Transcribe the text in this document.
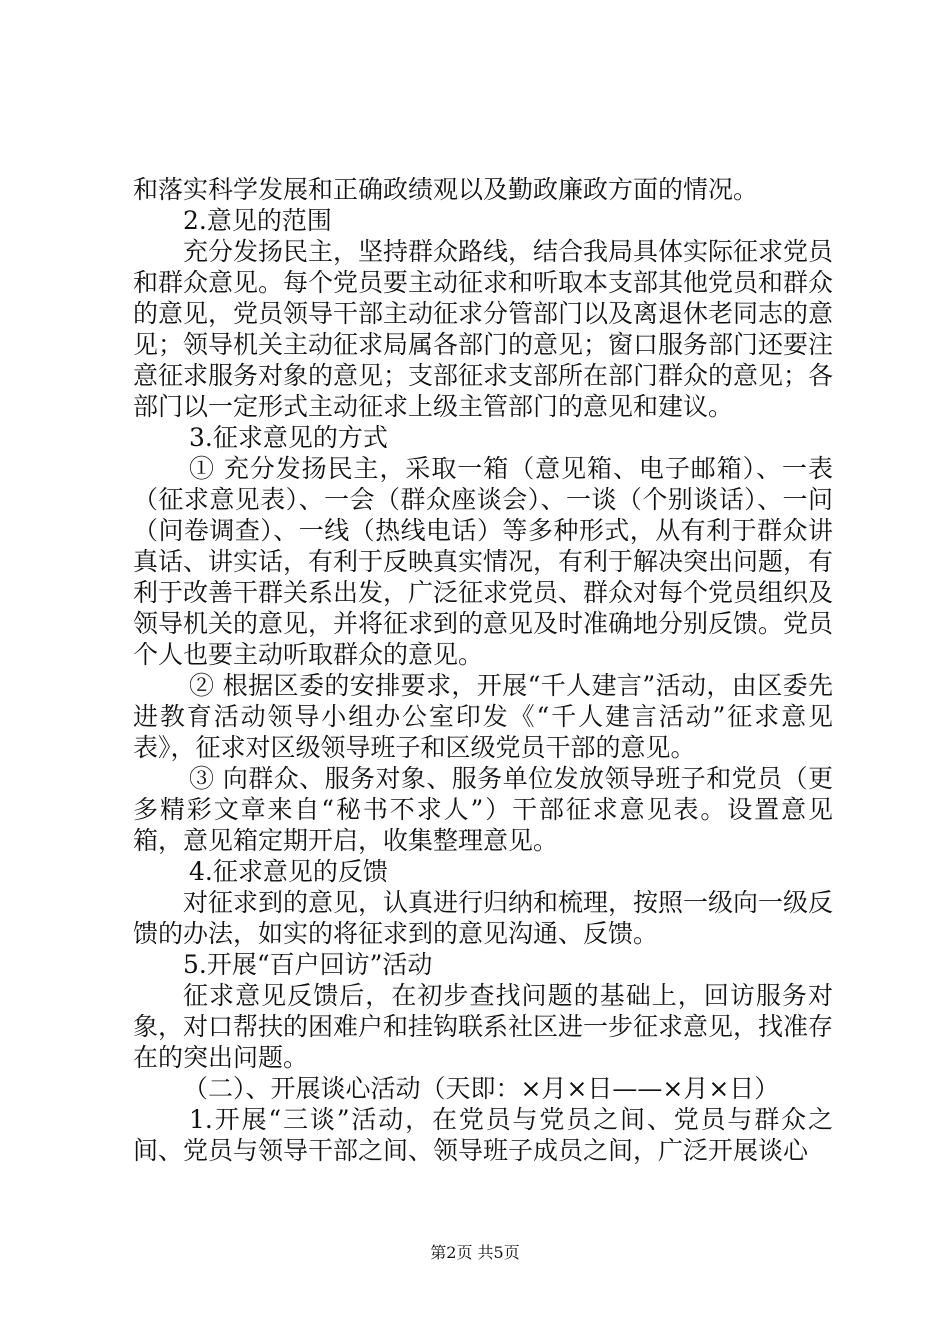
和落实科学发展和正确政绩观以及勤政廉政方面的情况。

2.意见的范围

充分发扬民主，坚持群众路线，结合我局具体实际征求党员和群众意见。每个党员要主动征求和听取本支部其他党员和群众的意见，党员领导干部主动征求分管部门以及离退休老同志的意见；领导机关主动征求局属各部门的意见；窗口服务部门还要注意征求服务对象的意见；支部征求支部所在部门群众的意见；各部门以一定形式主动征求上级主管部门的意见和建议。

3.征求意见的方式

① 充分发扬民主，采取一箱（意见箱、电子邮箱）、一表（征求意见表）、一会（群众座谈会）、一谈（个别谈话）、一问（问卷调查）、一线（热线电话）等多种形式，从有利于群众讲真话、讲实话，有利于反映真实情况，有利于解决突出问题，有利于改善干群关系出发，广泛征求党员、群众对每个党员组织及领导机关的意见，并将征求到的意见及时准确地分别反馈。党员个人也要主动听取群众的意见。

② 根据区委的安排要求，开展“千人建言”活动，由区委先进教育活动领导小组办公室印发《“千人建言活动”征求意见表》，征求对区级领导班子和区级党员干部的意见。

③ 向群众、服务对象、服务单位发放领导班子和党员（更多精彩文章来自“秘书不求人”）干部征求意见表。设置意见箱，意见箱定期开启，收集整理意见。

4.征求意见的反馈

对征求到的意见，认真进行归纳和梳理，按照一级向一级反馈的办法，如实的将征求到的意见沟通、反馈。

5.开展“百户回访”活动

征求意见反馈后，在初步查找问题的基础上，回访服务对象，对口帮扶的困难户和挂钩联系社区进一步征求意见，找准存在的突出问题。

（二）、开展谈心活动（天即：×月×日——×月×日）

1.开展“三谈”活动，在党员与党员之间、党员与群众之间、党员与领导干部之间、领导班子成员之间，广泛开展谈心

第2页 共5页
